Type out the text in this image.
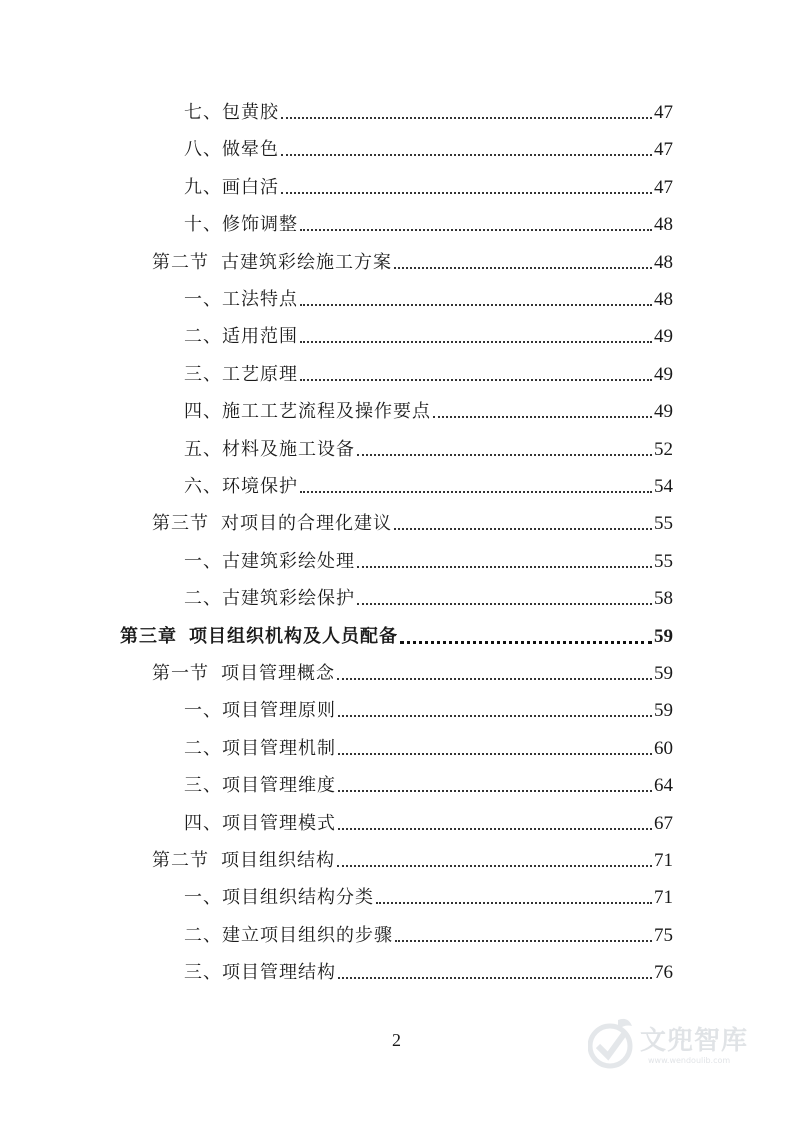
七、包黄胶	47
八、做晕色	47
九、画白活	47
十、修饰调整	48
第二节 古建筑彩绘施工方案	48
一、工法特点	48
二、适用范围	49
三、工艺原理	49
四、施工工艺流程及操作要点	49
五、材料及施工设备	52
六、环境保护	54
第三节 对项目的合理化建议	55
一、古建筑彩绘处理	55
二、古建筑彩绘保护	58
第三章 项目组织机构及人员配备	59
第一节 项目管理概念	59
一、项目管理原则	59
二、项目管理机制	60
三、项目管理维度	64
四、项目管理模式	67
第二节 项目组织结构	71
一、项目组织结构分类	71
二、建立项目组织的步骤	75
三、项目管理结构	76
2	文兜智库
www.wendoulib.com
